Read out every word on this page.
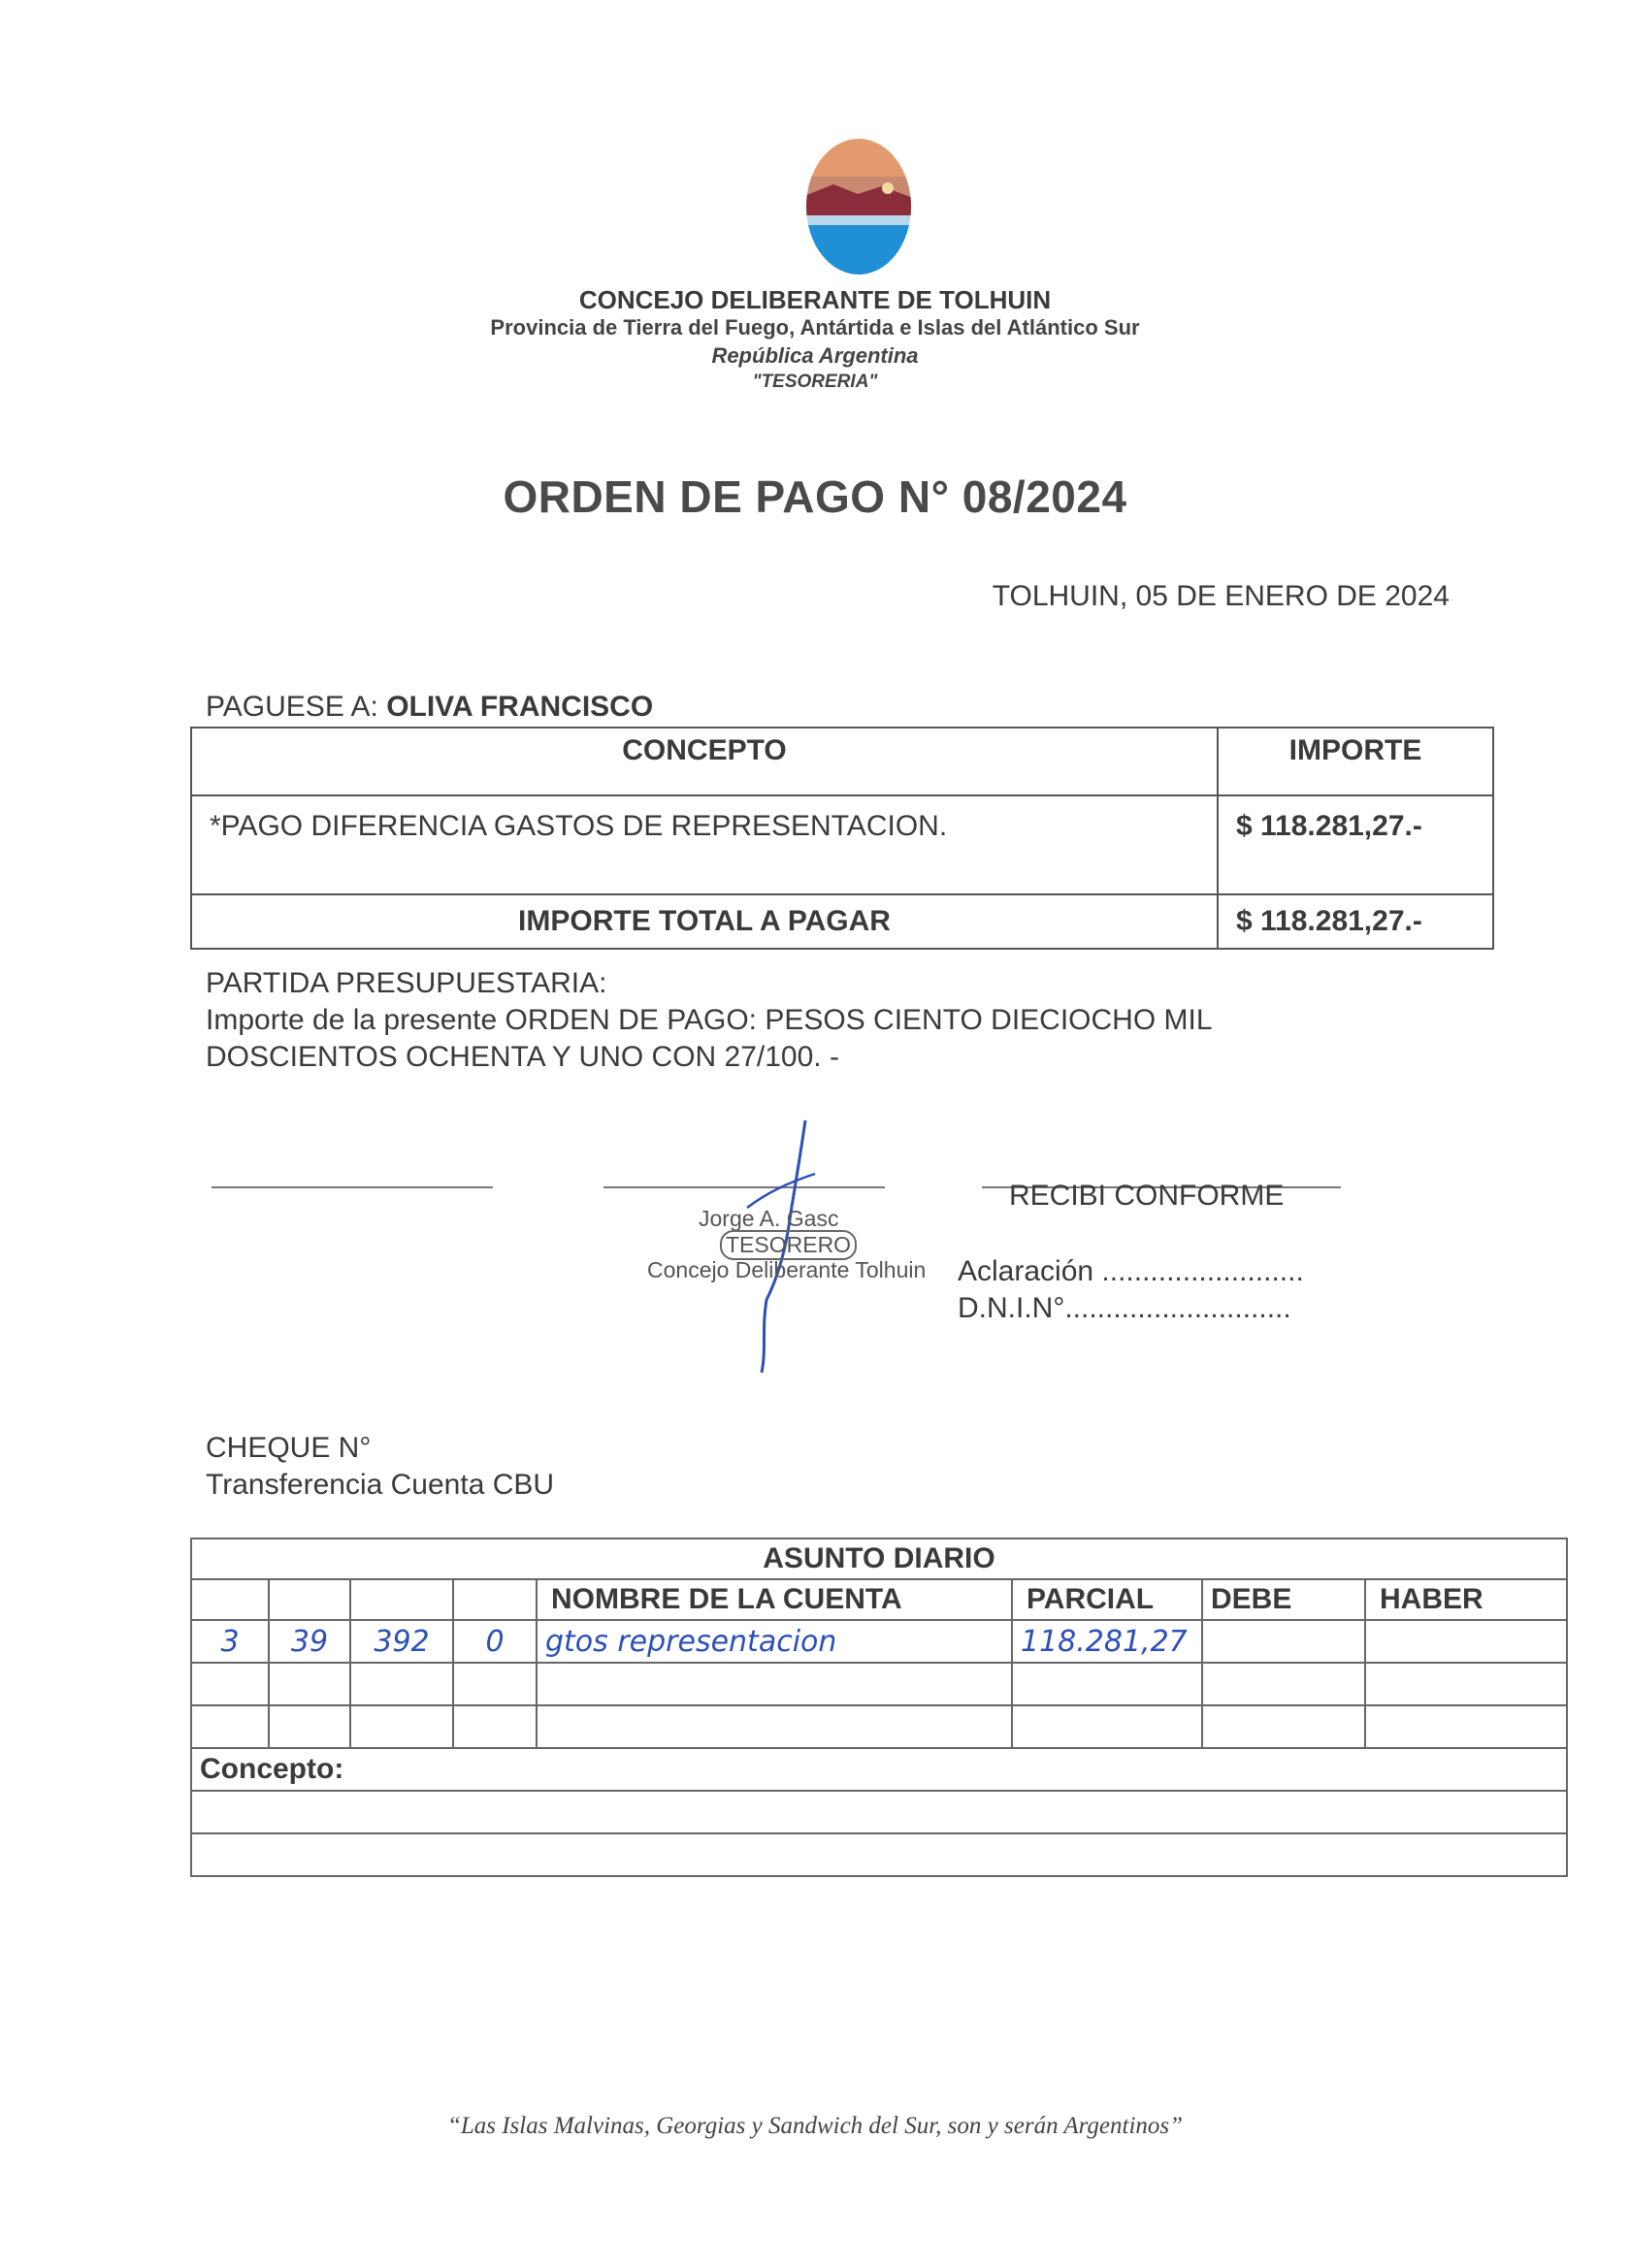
CONCEJO DELIBERANTE DE TOLHUIN
Provincia de Tierra del Fuego, Antártida e Islas del Atlántico Sur
República Argentina
"TESORERIA"
ORDEN DE PAGO N° 08/2024
TOLHUIN, 05 DE ENERO DE 2024
PAGUESE A: OLIVA FRANCISCO
CONCEPTO	IMPORTE
*PAGO DIFERENCIA GASTOS DE REPRESENTACION.	$ 118.281,27.-
IMPORTE TOTAL A PAGAR	$ 118.281,27.-
PARTIDA PRESUPUESTARIA:
Importe de la presente ORDEN DE PAGO: PESOS CIENTO DIECIOCHO MIL
DOSCIENTOS OCHENTA Y UNO CON 27/100. -
Jorge A. Gasc
TESORERO
Concejo Deliberante Tolhuin
RECIBI CONFORME
Aclaración .........................
D.N.I.N°............................
CHEQUE N°
Transferencia Cuenta CBU
ASUNTO DIARIO							
				NOMBRE DE LA CUENTA	PARCIAL	DEBE	HABER
3	39	392	0	gtos representacion	118.281,27		

Concepto:							

“Las Islas Malvinas, Georgias y Sandwich del Sur, son y serán Argentinos”
